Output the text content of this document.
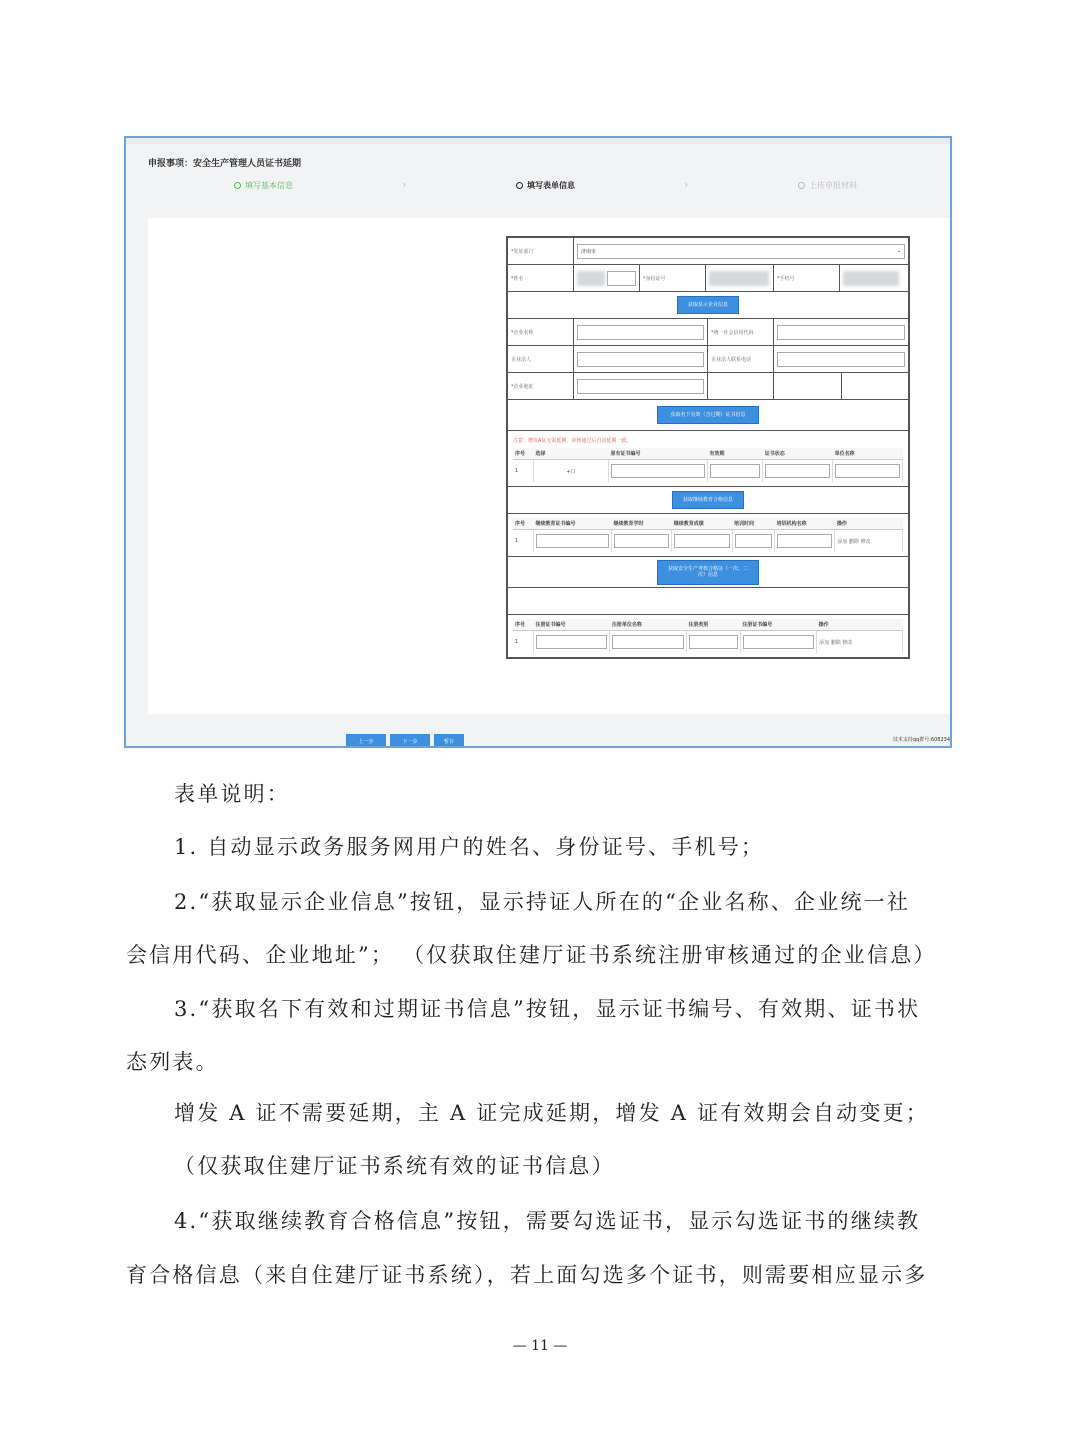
申报事项：安全生产管理人员证书延期
填写基本信息	›	填写表单信息	›	上传申报材料
*发证部门	济南市	⌄
*姓名	*身份证号	*手机号
获取显示企业信息
*企业名称	*统一社会信用代码
企业法人	企业法人联系电话
*企业地址
获取名下有效（含过期）证书信息
注意：增发A证无需延期，审核通过后自动延期一致。
序号	选择	原有证书编号	有效期	证书状态	单位名称
1	+口	

获取继续教育合格信息
序号	继续教育证书编号	继续教育学时	继续教育成绩	培训时间	培训机构名称	操作
1						添加 删除 修改
获取安全生产考核合格证（一次、二次）信息
序号	注册证书编号	注册单位名称	注册类别	注册证书编号	操作
1					添加 删除 修改
上一步	下一步	暂存	技术支持qq群号:608234
表单说明：
1. 自动显示政务服务网用户的姓名、身份证号、手机号；
2.“获取显示企业信息”按钮，显示持证人所在的“企业名称、企业统一社
会信用代码、企业地址”； （仅获取住建厅证书系统注册审核通过的企业信息）
3.“获取名下有效和过期证书信息”按钮，显示证书编号、有效期、证书状
态列表。
增发 A 证不需要延期，主 A 证完成延期，增发 A 证有效期会自动变更；
（仅获取住建厅证书系统有效的证书信息）
4.“获取继续教育合格信息”按钮，需要勾选证书，显示勾选证书的继续教
育合格信息（来自住建厅证书系统），若上面勾选多个证书，则需要相应显示多
— 11 —
